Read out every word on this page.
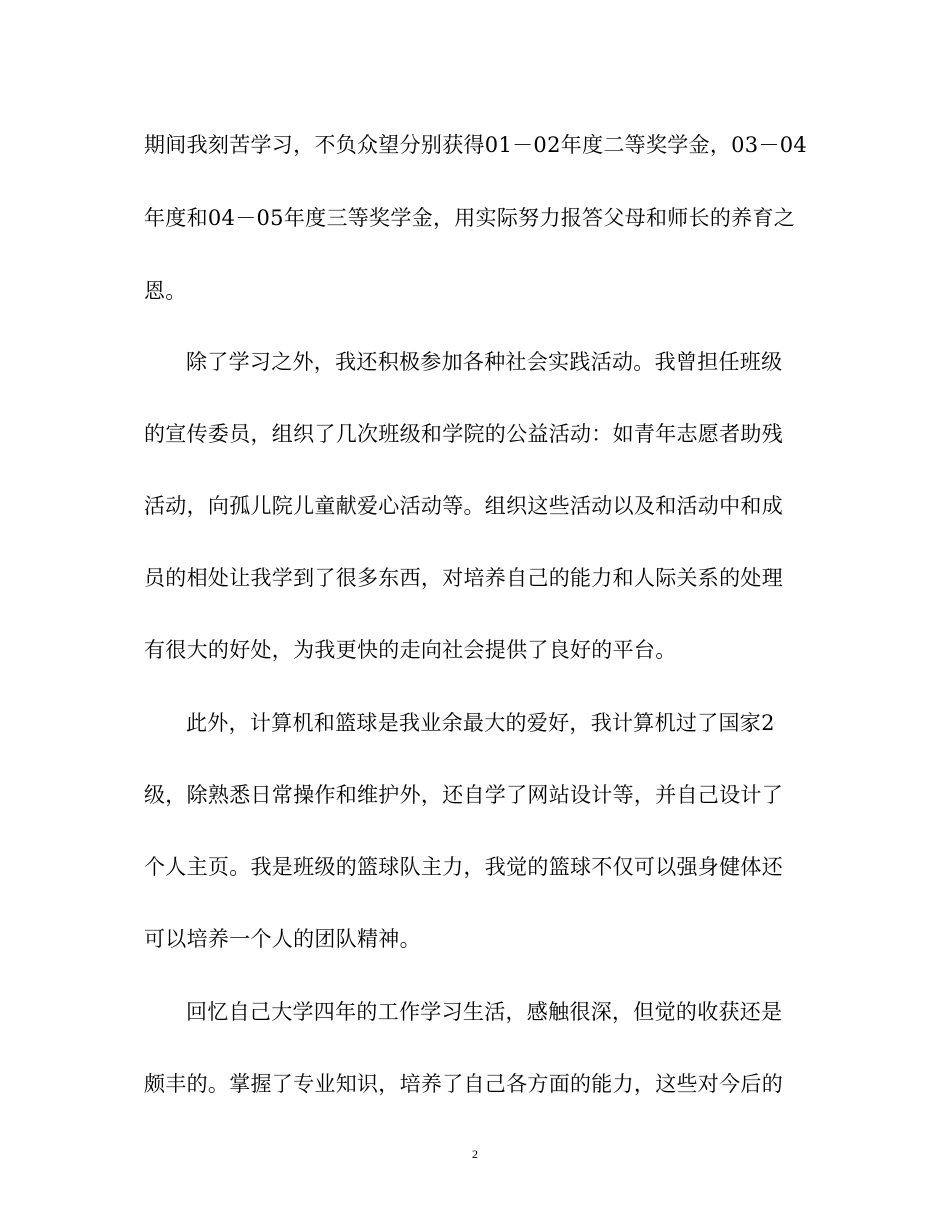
期间我刻苦学习，不负众望分别获得01－02年度二等奖学金，03－04
年度和04－05年度三等奖学金，用实际努力报答父母和师长的养育之
恩。
除了学习之外，我还积极参加各种社会实践活动。我曾担任班级
的宣传委员，组织了几次班级和学院的公益活动：如青年志愿者助残
活动，向孤儿院儿童献爱心活动等。组织这些活动以及和活动中和成
员的相处让我学到了很多东西，对培养自己的能力和人际关系的处理
有很大的好处，为我更快的走向社会提供了良好的平台。
此外，计算机和篮球是我业余最大的爱好，我计算机过了国家2
级，除熟悉日常操作和维护外，还自学了网站设计等，并自己设计了
个人主页。我是班级的篮球队主力，我觉的篮球不仅可以强身健体还
可以培养一个人的团队精神。
回忆自己大学四年的工作学习生活，感触很深，但觉的收获还是
颇丰的。掌握了专业知识，培养了自己各方面的能力，这些对今后的
2
